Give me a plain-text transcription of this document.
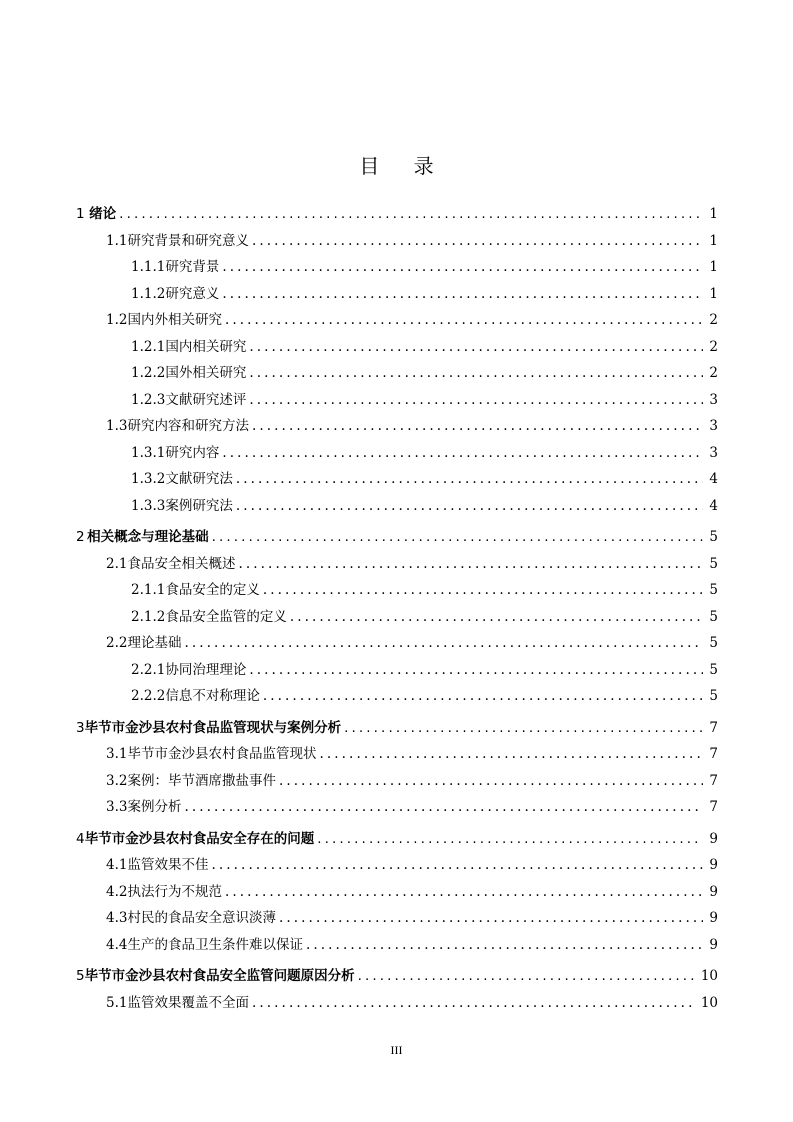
目 录
1 绪论 .....	1
1.1 研究背景和研究意义 .....	1
1.1.1 研究背景 .....	1
1.1.2 研究意义 .....	1
1.2 国内外相关研究 .....	2
1.2.1 国内相关研究 .....	2
1.2.2 国外相关研究 .....	2
1.2.3 文献研究述评 .....	3
1.3 研究内容和研究方法 .....	3
1.3.1 研究内容 .....	3
1.3.2 文献研究法 .....	4
1.3.3 案例研究法 .....	4
2 相关概念与理论基础 .....	5
2.1 食品安全相关概述 .....	5
2.1.1 食品安全的定义 .....	5
2.1.2 食品安全监管的定义 .....	5
2.2 理论基础 .....	5
2.2.1 协同治理理论 .....	5
2.2.2 信息不对称理论 .....	5
3 毕节市金沙县农村食品监管现状与案例分析 .....	7
3.1 毕节市金沙县农村食品监管现状 .....	7
3.2 案例：毕节酒席撒盐事件 .....	7
3.3 案例分析 .....	7
4 毕节市金沙县农村食品安全存在的问题 .....	9
4.1 监管效果不佳 .....	9
4.2 执法行为不规范 .....	9
4.3 村民的食品安全意识淡薄 .....	9
4.4 生产的食品卫生条件难以保证 .....	9
5 毕节市金沙县农村食品安全监管问题原因分析 .....	10
5.1 监管效果覆盖不全面 .....	10
III
